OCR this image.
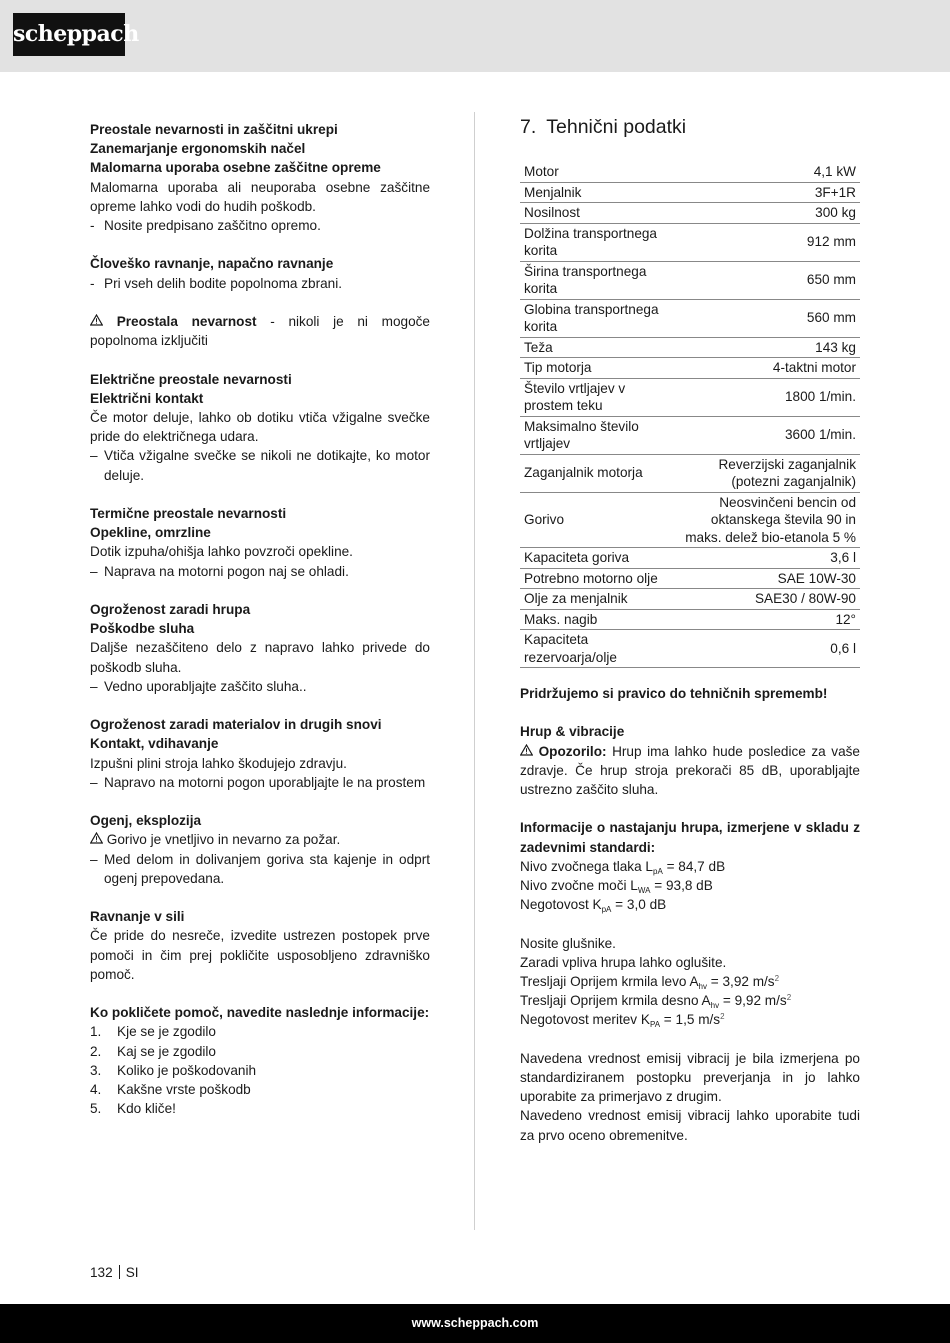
scheppach

Preostale nevarnosti in zaščitni ukrepi

Zanemarjanje ergonomskih načel

Malomarna uporaba osebne zaščitne opreme

Malomarna uporaba ali neuporaba osebne zaščitne opreme lahko vodi do hudih poškodb.

- Nosite predpisano zaščitno opremo.

Človeško ravnanje, napačno ravnanje

- Pri vseh delih bodite popolnoma zbrani.

Preostala nevarnost - nikoli je ni mogoče popolnoma izključiti

Električne preostale nevarnosti

Električni kontakt

Če motor deluje, lahko ob dotiku vtiča vžigalne svečke pride do električnega udara.

– Vtiča vžigalne svečke se nikoli ne dotikajte, ko motor deluje.

Termične preostale nevarnosti

Opekline, omrzline

Dotik izpuha/ohišja lahko povzroči opekline.

– Naprava na motorni pogon naj se ohladi.

Ogroženost zaradi hrupa

Poškodbe sluha

Daljše nezaščiteno delo z napravo lahko privede do poškodb sluha.

– Vedno uporabljajte zaščito sluha..

Ogroženost zaradi materialov in drugih snovi

Kontakt, vdihavanje

Izpušni plini stroja lahko škodujejo zdravju.

– Napravo na motorni pogon uporabljajte le na prostem

Ogenj, eksplozija

Gorivo je vnetljivo in nevarno za požar.

– Med delom in dolivanjem goriva sta kajenje in odprt ogenj prepovedana.

Ravnanje v sili

Če pride do nesreče, izvedite ustrezen postopek prve pomoči in čim prej pokličite usposobljeno zdravniško pomoč.

Ko pokličete pomoč, navedite naslednje informacije:

1. Kje se je zgodilo

2. Kaj se je zgodilo

3. Koliko je poškodovanih

4. Kakšne vrste poškodb

5. Kdo kliče!

7. Tehnični podatki
Motor	4,1 kW
Menjalnik	3F+1R
Nosilnost	300 kg
Dolžina transportnega korita	912 mm
Širina transportnega korita	650 mm
Globina transportnega korita	560 mm
Teža	143 kg
Tip motorja	4-taktni motor
Število vrtljajev v prostem teku	1800 1/min.
Maksimalno število vrtljajev	3600 1/min.
Zaganjalnik motorja	Reverzijski zaganjalnik (potezni zaganjalnik)
Gorivo	Neosvinčeni bencin od oktanskega števila 90 in maks. delež bio-etanola 5 %
Kapaciteta goriva	3,6 l
Potrebno motorno olje	SAE 10W-30
Olje za menjalnik	SAE30 / 80W-90
Maks. nagib	12°
Kapaciteta rezervoarja/olje	0,6 l

Pridržujemo si pravico do tehničnih sprememb!

Hrup & vibracije

Opozorilo: Hrup ima lahko hude posledice za vaše zdravje. Če hrup stroja prekorači 85 dB, uporabljajte ustrezno zaščito sluha.

Informacije o nastajanju hrupa, izmerjene v skladu z zadevnimi standardi:

Nivo zvočnega tlaka $L_{pA} = 84,7$ dB

Nivo zvočne moči $L_{WA} = 93,8$ dB

Negotovost $K_{pA} = 3,0$ dB

Nosite glušnike.

Zaradi vpliva hrupa lahko oglušite.

Tresljaji Oprijem krmila levo $A_{hv} = 3,92$ $m/s^2$

Tresljaji Oprijem krmila desno $A_{hv} = 9,92$ $m/s^2$

Negotovost meritev $K_{PA} = 1,5$ $m/s^2$

Navedena vrednost emisij vibracij je bila izmerjena po standardiziranem postopku preverjanja in jo lahko uporabite za primerjavo z drugim.

Navedeno vrednost emisij vibracij lahko uporabite tudi za prvo oceno obremenitve.

132 SI
www.scheppach.com
